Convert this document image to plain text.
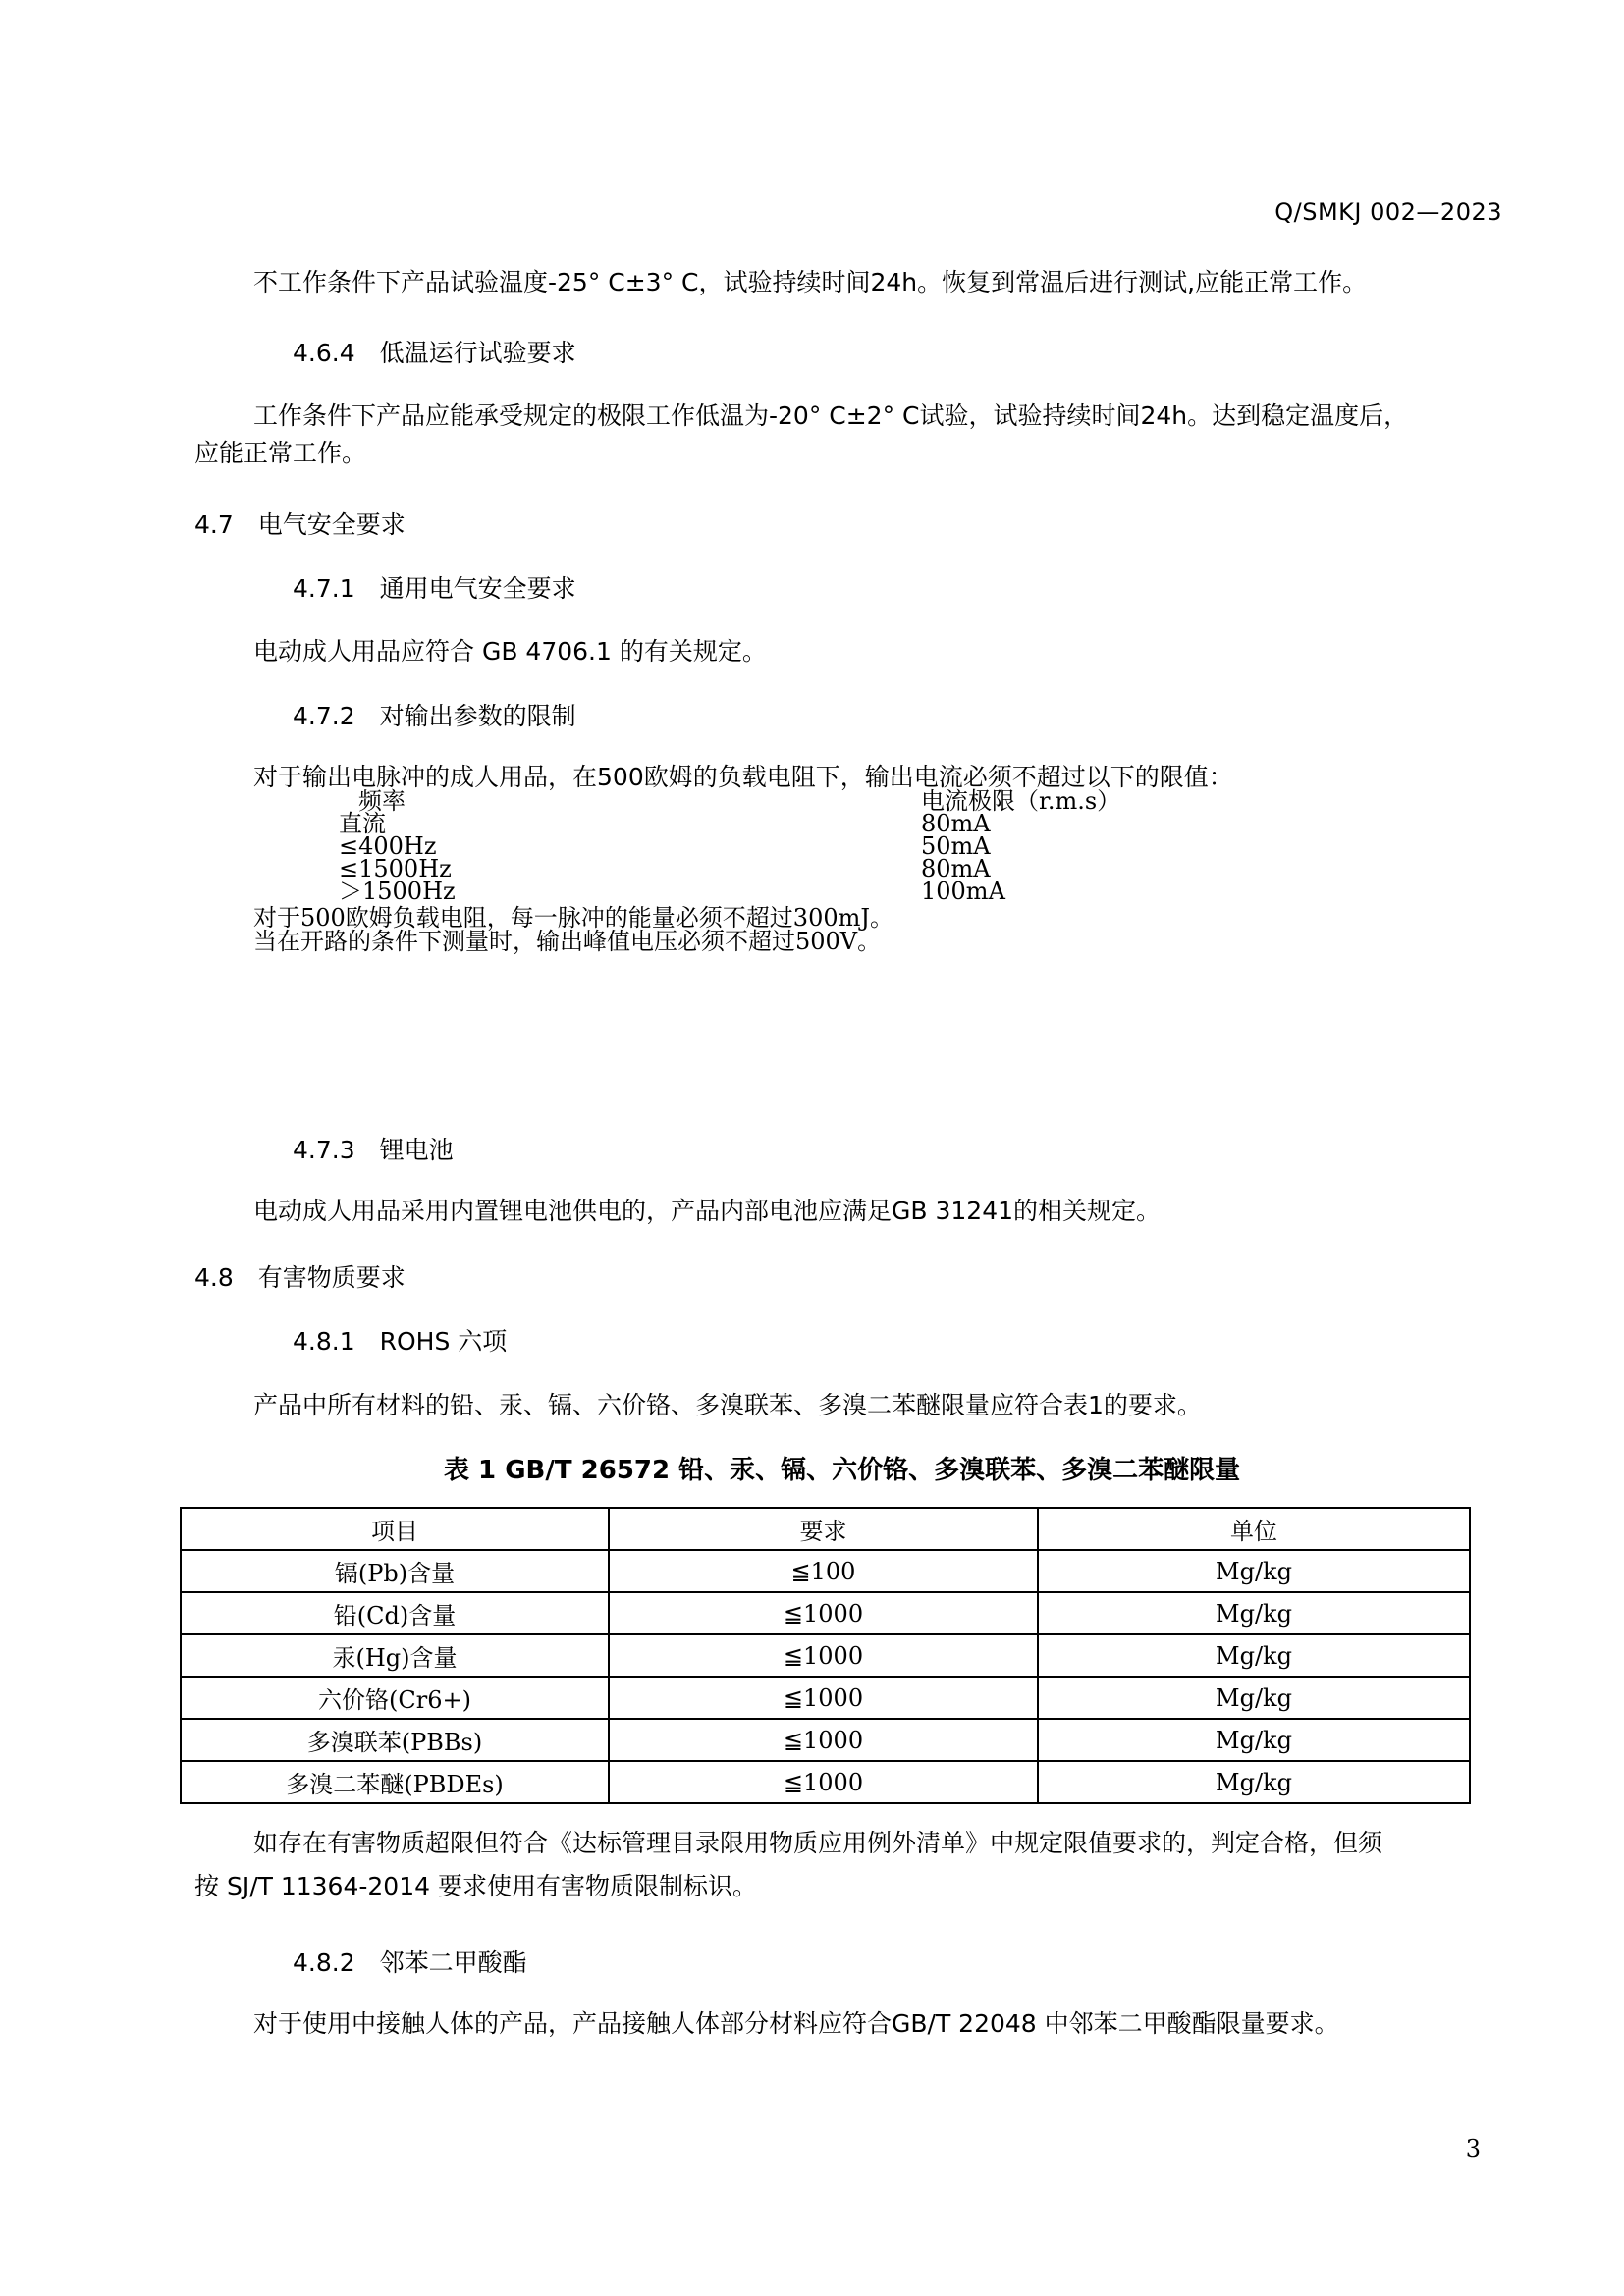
Q/SMKJ 002—2023
不工作条件下产品试验温度-25° C±3° C，试验持续时间24h。恢复到常温后进行测试,应能正常工作。
4.6.4　低温运行试验要求
工作条件下产品应能承受规定的极限工作低温为-20° C±2° C试验，试验持续时间24h。达到稳定温度后，
应能正常工作。
4.7　电气安全要求
4.7.1　通用电气安全要求
电动成人用品应符合 GB 4706.1 的有关规定。
4.7.2　对输出参数的限制
对于输出电脉冲的成人用品，在500欧姆的负载电阻下，输出电流必须不超过以下的限值：
频率	电流极限（r.m.s）
直流	80mA
≤400Hz	50mA
≤1500Hz	80mA
＞1500Hz	100mA
对于500欧姆负载电阻，每一脉冲的能量必须不超过300mJ。
当在开路的条件下测量时，输出峰值电压必须不超过500V。
4.7.3　锂电池
电动成人用品采用内置锂电池供电的，产品内部电池应满足GB 31241的相关规定。
4.8　有害物质要求
4.8.1　ROHS 六项
产品中所有材料的铅、汞、镉、六价铬、多溴联苯、多溴二苯醚限量应符合表1的要求。
表 1 GB/T 26572 铅、汞、镉、六价铬、多溴联苯、多溴二苯醚限量
项目	要求	单位
镉(Pb)含量	≦100	Mg/kg
铅(Cd)含量	≦1000	Mg/kg
汞(Hg)含量	≦1000	Mg/kg
六价铬(Cr6+)	≦1000	Mg/kg
多溴联苯(PBBs)	≦1000	Mg/kg
多溴二苯醚(PBDEs)	≦1000	Mg/kg
如存在有害物质超限但符合《达标管理目录限用物质应用例外清单》中规定限值要求的，判定合格，但须
按 SJ/T 11364-2014 要求使用有害物质限制标识。
4.8.2　邻苯二甲酸酯
对于使用中接触人体的产品，产品接触人体部分材料应符合GB/T 22048 中邻苯二甲酸酯限量要求。
3
